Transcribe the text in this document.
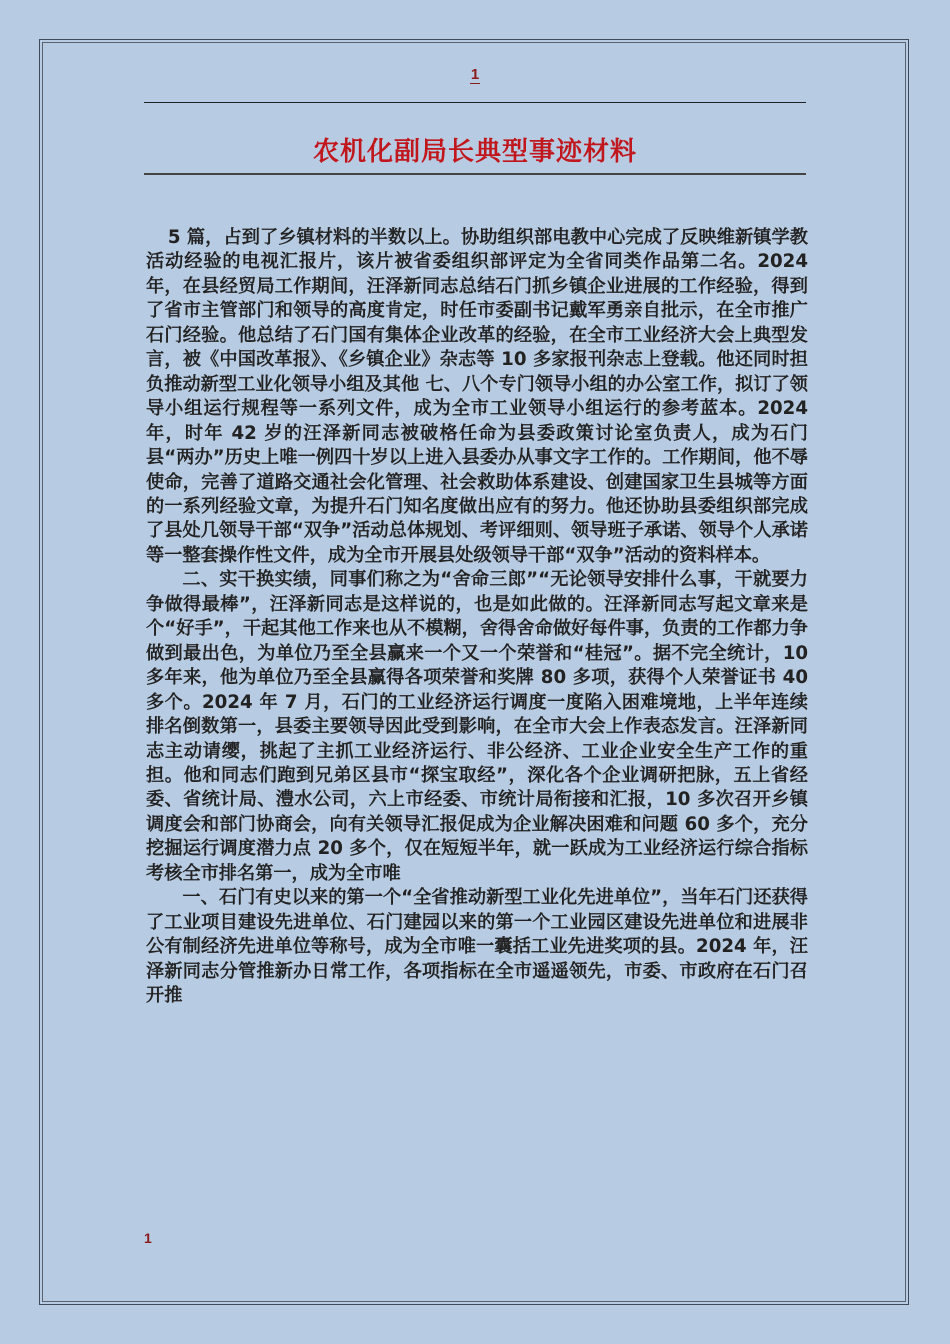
1
农机化副局长典型事迹材料

5 篇，占到了乡镇材料的半数以上。协助组织部电教中心完成了反映维新镇学教活动经验的电视汇报片，该片被省委组织部评定为全省同类作品第二名。2024 年，在县经贸局工作期间，汪泽新同志总结石门抓乡镇企业进展的工作经验，得到了省市主管部门和领导的高度肯定，时任市委副书记戴军勇亲自批示，在全市推广石门经验。他总结了石门国有集体企业改革的经验，在全市工业经济大会上典型发言，被《中国改革报》、《乡镇企业》杂志等 10 多家报刊杂志上登载。他还同时担负推动新型工业化领导小组及其他 七、八个专门领导小组的办公室工作，拟订了领导小组运行规程等一系列文件，成为全市工业领导小组运行的参考蓝本。2024 年，时年 42 岁的汪泽新同志被破格任命为县委政策讨论室负责人，成为石门县“两办”历史上唯一例四十岁以上进入县委办从事文字工作的。工作期间，他不辱使命，完善了道路交通社会化管理、社会救助体系建设、创建国家卫生县城等方面的一系列经验文章，为提升石门知名度做出应有的努力。他还协助县委组织部完成了县处几领导干部“双争”活动总体规划、考评细则、领导班子承诺、领导个人承诺等一整套操作性文件，成为全市开展县处级领导干部“双争”活动的资料样本。

二、实干换实绩，同事们称之为“舍命三郎”“无论领导安排什么事，干就要力争做得最棒”，汪泽新同志是这样说的，也是如此做的。汪泽新同志写起文章来是个“好手”，干起其他工作来也从不模糊，舍得舍命做好每件事，负责的工作都力争做到最出色，为单位乃至全县赢来一个又一个荣誉和“桂冠”。据不完全统计，10 多年来，他为单位乃至全县赢得各项荣誉和奖牌 80 多项，获得个人荣誉证书 40 多个。2024 年 7 月，石门的工业经济运行调度一度陷入困难境地，上半年连续排名倒数第一，县委主要领导因此受到影响，在全市大会上作表态发言。汪泽新同志主动请缨，挑起了主抓工业经济运行、非公经济、工业企业安全生产工作的重担。他和同志们跑到兄弟区县市“探宝取经”，深化各个企业调研把脉，五上省经委、省统计局、澧水公司，六上市经委、市统计局衔接和汇报，10 多次召开乡镇调度会和部门协商会，向有关领导汇报促成为企业解决困难和问题 60 多个，充分挖掘运行调度潜力点 20 多个，仅在短短半年，就一跃成为工业经济运行综合指标考核全市排名第一，成为全市唯

一、石门有史以来的第一个“全省推动新型工业化先进单位”，当年石门还获得了工业项目建设先进单位、石门建园以来的第一个工业园区建设先进单位和进展非公有制经济先进单位等称号，成为全市唯一囊括工业先进奖项的县。2024 年，汪泽新同志分管推新办日常工作，各项指标在全市遥遥领先，市委、市政府在石门召开推

1
